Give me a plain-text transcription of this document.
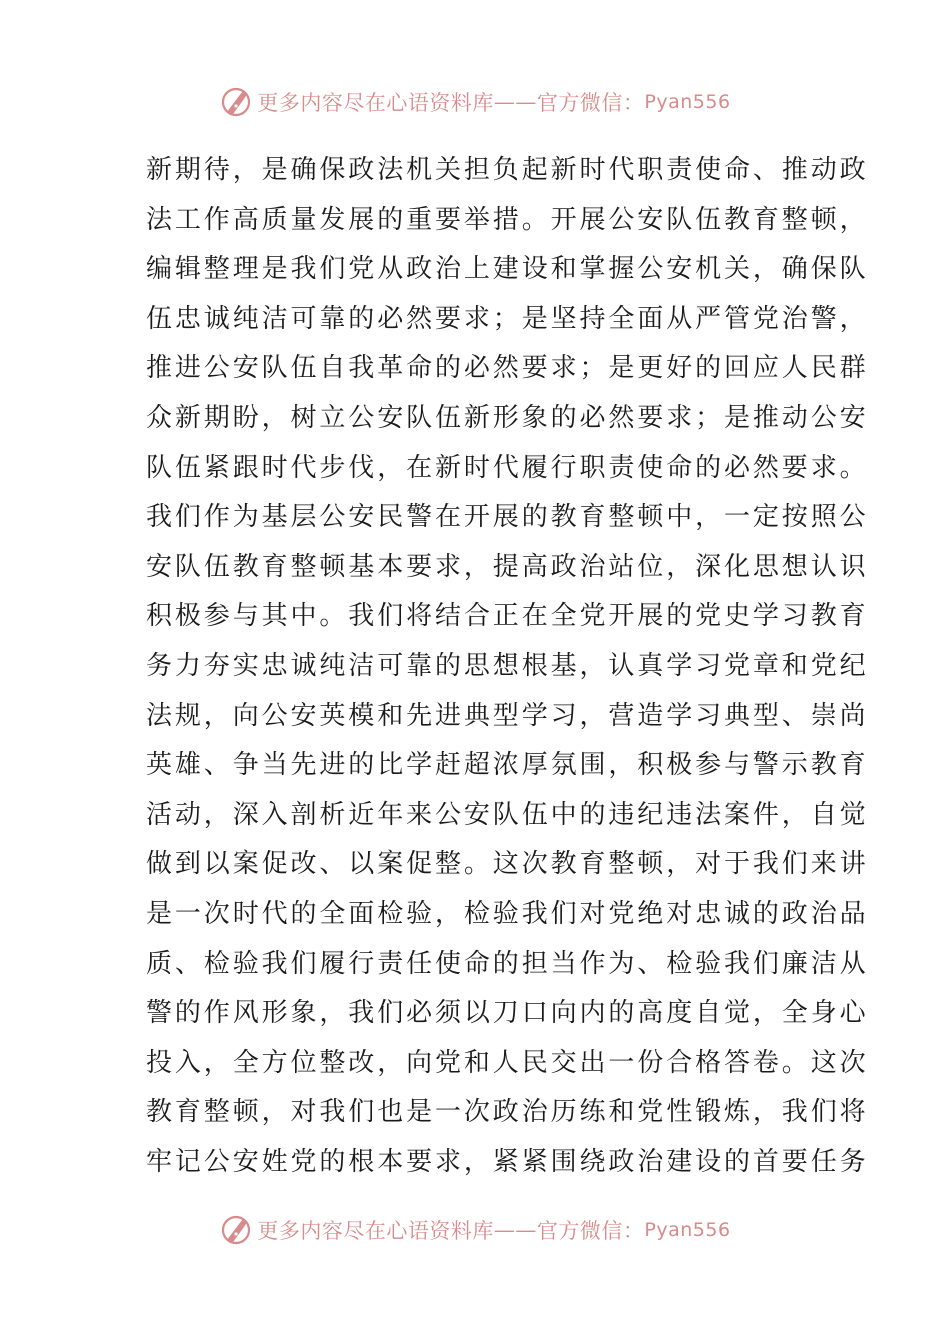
更多内容尽在心语资料库 —— 官方微信： Pyan556
新期待，是确保政法机关担负起新时代职责使命、推动政
法工作高质量发展的重要举措。开展公安队伍教育整顿，
编辑整理是我们党从政治上建设和掌握公安机关，确保队
伍忠诚纯洁可靠的必然要求；是坚持全面从严管党治警，
推进公安队伍自我革命的必然要求；是更好的回应人民群
众新期盼，树立公安队伍新形象的必然要求；是推动公安
队伍紧跟时代步伐，在新时代履行职责使命的必然要求。
我们作为基层公安民警在开展的教育整顿中，一定按照公
安队伍教育整顿基本要求，提高政治站位，深化思想认识
积极参与其中。我们将结合正在全党开展的党史学习教育
务力夯实忠诚纯洁可靠的思想根基，认真学习党章和党纪
法规，向公安英模和先进典型学习，营造学习典型、崇尚
英雄、争当先进的比学赶超浓厚氛围，积极参与警示教育
活动，深入剖析近年来公安队伍中的违纪违法案件，自觉
做到以案促改、以案促整。这次教育整顿，对于我们来讲
是一次时代的全面检验，检验我们对党绝对忠诚的政治品
质、检验我们履行责任使命的担当作为、检验我们廉洁从
警的作风形象，我们必须以刀口向内的高度自觉，全身心
投入，全方位整改，向党和人民交出一份合格答卷。这次
教育整顿，对我们也是一次政治历练和党性锻炼，我们将
牢记公安姓党的根本要求，紧紧围绕政治建设的首要任务
更多内容尽在心语资料库 —— 官方微信： Pyan556
